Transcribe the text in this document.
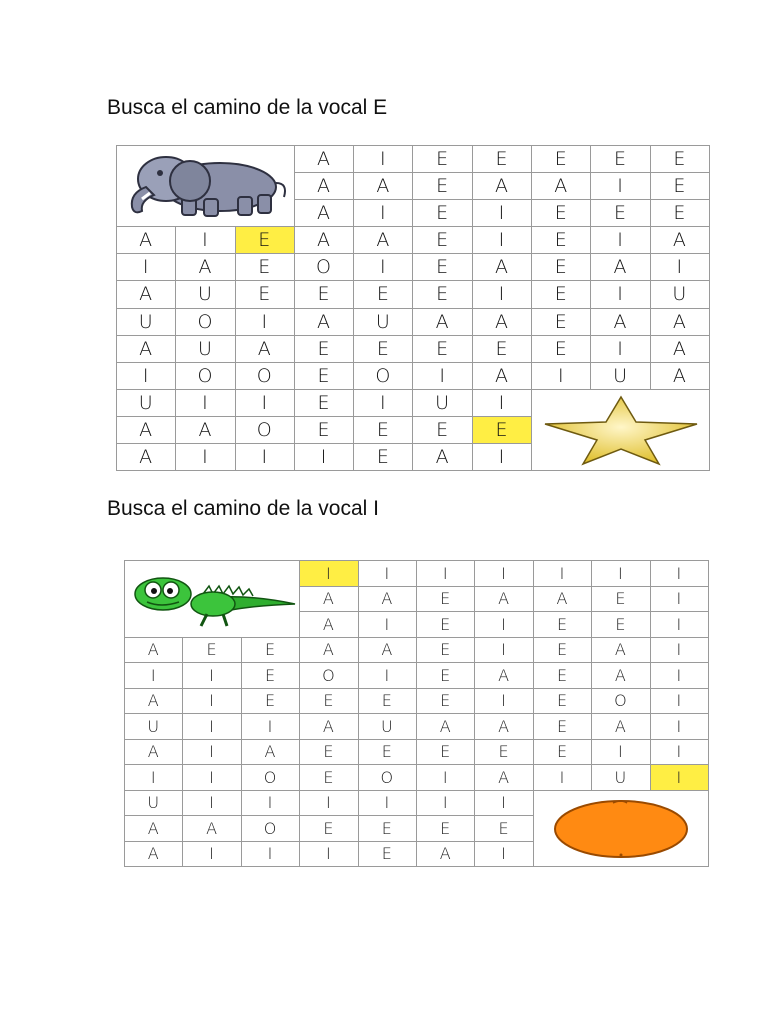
Busca el camino de la vocal E
A	I	E	E	E	E	E
A	A	E	A	A	I	E
A	I	E	I	E	E	E
A	I	E	A	A	E	I	E	I	A
I	A	E	O	I	E	A	E	A	I
A	U	E	E	E	E	I	E	I	U
U	O	I	A	U	A	A	E	A	A
A	U	A	E	E	E	E	E	I	A
I	O	O	E	O	I	A	I	U	A
U	I	I	E	I	U	I
A	A	O	E	E	E	E
A	I	I	I	E	A	I
Busca el camino de la vocal I
I	I	I	I	I	I	I
A	A	E	A	A	E	I
A	I	E	I	E	E	I
A	E	E	A	A	E	I	E	A	I
I	I	E	O	I	E	A	E	A	I
A	I	E	E	E	E	I	E	O	I
U	I	I	A	U	A	A	E	A	I
A	I	A	E	E	E	E	E	I	I
I	I	O	E	O	I	A	I	U	I
U	I	I	I	I	I	I
A	A	O	E	E	E	E
A	I	I	I	E	A	I
